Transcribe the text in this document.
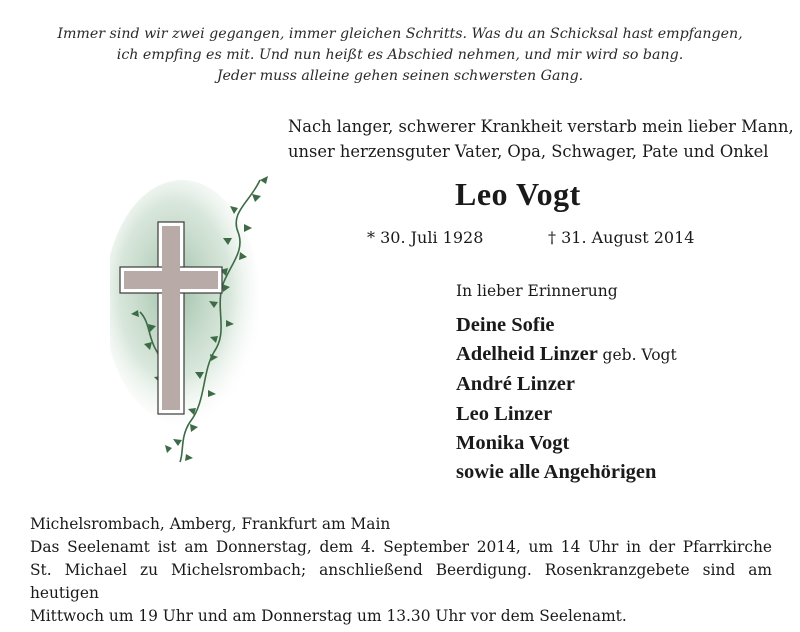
Immer sind wir zwei gegangen, immer gleichen Schritts. Was du an Schicksal hast empfangen,
ich empfing es mit. Und nun heißt es Abschied nehmen, und mir wird so bang.
Jeder muss alleine gehen seinen schwersten Gang.
Nach langer, schwerer Krankheit verstarb mein lieber Mann,
unser herzensguter Vater, Opa, Schwager, Pate und Onkel
Leo Vogt
* 30. Juli 1928	† 31. August 2014
In lieber Erinnerung
Deine Sofie
Adelheid Linzer geb. Vogt
André Linzer
Leo Linzer
Monika Vogt
sowie alle Angehörigen
Michelsrombach, Amberg, Frankfurt am Main
Das Seelenamt ist am Donnerstag, dem 4. September 2014, um 14 Uhr in der Pfarrkirche
St. Michael zu Michelsrombach; anschließend Beerdigung. Rosenkranzgebete sind am heutigen
Mittwoch um 19 Uhr und am Donnerstag um 13.30 Uhr vor dem Seelenamt.
